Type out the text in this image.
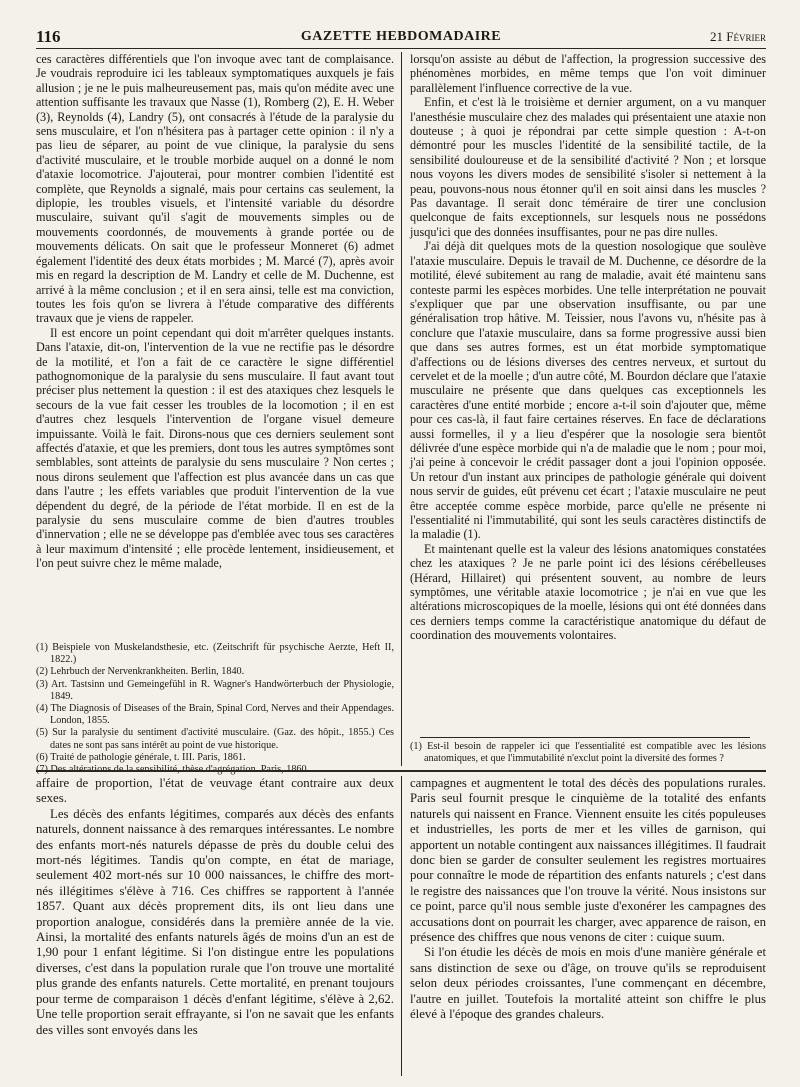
116	GAZETTE HEBDOMADAIRE	21 Février

ces caractères différentiels que l'on invoque avec tant de complaisance. Je voudrais reproduire ici les tableaux symptomatiques auxquels je fais allusion ; je ne le puis malheureusement pas, mais qu'on médite avec une attention suffisante les travaux que Nasse (1), Romberg (2), E. H. Weber (3), Reynolds (4), Landry (5), ont consacrés à l'étude de la paralysie du sens musculaire, et l'on n'hésitera pas à partager cette opinion : il n'y a pas lieu de séparer, au point de vue clinique, la paralysie du sens d'activité musculaire, et le trouble morbide auquel on a donné le nom d'ataxie locomotrice. J'ajouterai, pour montrer combien l'identité est complète, que Reynolds a signalé, mais pour certains cas seulement, la diplopie, les troubles visuels, et l'intensité variable du désordre musculaire, suivant qu'il s'agit de mouvements simples ou de mouvements coordonnés, de mouvements à grande portée ou de mouvements délicats. On sait que le professeur Monneret (6) admet également l'identité des deux états morbides ; M. Marcé (7), après avoir mis en regard la description de M. Landry et celle de M. Duchenne, est arrivé à la même conclusion ; et il en sera ainsi, telle est ma conviction, toutes les fois qu'on se livrera à l'étude comparative des différents travaux que je viens de rappeler.

Il est encore un point cependant qui doit m'arrêter quelques instants. Dans l'ataxie, dit-on, l'intervention de la vue ne rectifie pas le désordre de la motilité, et l'on a fait de ce caractère le signe différentiel pathognomonique de la paralysie du sens musculaire. Il faut avant tout préciser plus nettement la question : il est des ataxiques chez lesquels le secours de la vue fait cesser les troubles de la locomotion ; il en est d'autres chez lesquels l'intervention de l'organe visuel demeure impuissante. Voilà le fait. Dirons-nous que ces derniers seulement sont affectés d'ataxie, et que les premiers, dont tous les autres symptômes sont semblables, sont atteints de paralysie du sens musculaire ? Non certes ; nous dirons seulement que l'affection est plus avancée dans un cas que dans l'autre ; les effets variables que produit l'intervention de la vue dépendent du degré, de la période de l'état morbide. Il en est de la paralysie du sens musculaire comme de bien d'autres troubles d'innervation ; elle ne se développe pas d'emblée avec tous ses caractères à leur maximum d'intensité ; elle procède lentement, insidieusement, et l'on peut suivre chez le même malade,

(1) Beispiele von Muskelandsthesie, etc. (Zeitschrift für psychische Aerzte, Heft II, 1822.)
(2) Lehrbuch der Nervenkrankheiten. Berlin, 1840.
(3) Art. Tastsinn und Gemeingefühl in R. Wagner's Handwörterbuch der Physiologie, 1849.
(4) The Diagnosis of Diseases of the Brain, Spinal Cord, Nerves and their Appendages. London, 1855.
(5) Sur la paralysie du sentiment d'activité musculaire. (Gaz. des hôpit., 1855.) Ces dates ne sont pas sans intérêt au point de vue historique.
(6) Traité de pathologie générale, t. III. Paris, 1861.

lorsqu'on assiste au début de l'affection, la progression successive des phénomènes morbides, en même temps que l'on voit diminuer parallèlement l'influence corrective de la vue.

Enfin, et c'est là le troisième et dernier argument, on a vu manquer l'anesthésie musculaire chez des malades qui présentaient une ataxie non douteuse ; à quoi je répondrai par cette simple question : A-t-on démontré pour les muscles l'identité de la sensibilité tactile, de la sensibilité douloureuse et de la sensibilité d'activité ? Non ; et lorsque nous voyons les divers modes de sensibilité s'isoler si nettement à la peau, pouvons-nous nous étonner qu'il en soit ainsi dans les muscles ? Pas davantage. Il serait donc téméraire de tirer une conclusion quelconque de faits exceptionnels, sur lesquels nous ne possédons jusqu'ici que des données insuffisantes, pour ne pas dire nulles.

J'ai déjà dit quelques mots de la question nosologique que soulève l'ataxie musculaire. Depuis le travail de M. Duchenne, ce désordre de la motilité, élevé subitement au rang de maladie, avait été maintenu sans conteste parmi les espèces morbides. Une telle interprétation ne pouvait s'expliquer que par une observation insuffisante, ou par une généralisation trop hâtive. M. Teissier, nous l'avons vu, n'hésite pas à conclure que l'ataxie musculaire, dans sa forme progressive aussi bien que dans ses autres formes, est un état morbide symptomatique d'affections ou de lésions diverses des centres nerveux, et surtout du cervelet et de la moelle ; d'un autre côté, M. Bourdon déclare que l'ataxie musculaire ne présente que dans quelques cas exceptionnels les caractères d'une entité morbide ; encore a-t-il soin d'ajouter que, même pour ces cas-là, il faut faire certaines réserves. En face de déclarations aussi formelles, il y a lieu d'espérer que la nosologie sera bientôt délivrée d'une espèce morbide qui n'a de maladie que le nom ; pour moi, j'ai peine à concevoir le crédit passager dont a joui l'opinion opposée. Un retour d'un instant aux principes de pathologie générale qui doivent nous servir de guides, eût prévenu cet écart ; l'ataxie musculaire ne peut être acceptée comme espèce morbide, parce qu'elle ne présente ni l'essentialité ni l'immutabilité, qui sont les seuls caractères distinctifs de la maladie (1).

Et maintenant quelle est la valeur des lésions anatomiques constatées chez les ataxiques ? Je ne parle point ici des lésions cérébelleuses (Hérard, Hillairet) qui présentent souvent, au nombre de leurs symptômes, une véritable ataxie locomotrice ; je n'ai en vue que les altérations microscopiques de la moelle, lésions qui ont été données dans ces derniers temps comme la caractéristique anatomique du défaut de coordination des mouvements volontaires.

(1) Est-il besoin de rappeler ici que l'essentialité est compatible avec les lésions anatomiques, et que l'immutabilité n'exclut point la diversité des formes ?

affaire de proportion, l'état de veuvage étant contraire aux deux sexes.

Les décès des enfants légitimes, comparés aux décès des enfants naturels, donnent naissance à des remarques intéressantes. Le nombre des enfants mort-nés naturels dépasse de près du double celui des mort-nés légitimes. Tandis qu'on compte, en état de mariage, seulement 402 mort-nés sur 10 000 naissances, le chiffre des mort-nés illégitimes s'élève à 716. Ces chiffres se rapportent à l'année 1857. Quant aux décès proprement dits, ils ont lieu dans une proportion analogue, considérés dans la première année de la vie. Ainsi, la mortalité des enfants naturels âgés de moins d'un an est de 1,90 pour 1 enfant légitime. Si l'on distingue entre les populations diverses, c'est dans la population rurale que l'on trouve une mortalité plus grande des enfants naturels. Cette mortalité, en prenant toujours pour terme de comparaison 1 décès d'enfant légitime, s'élève à 2,62. Une telle proportion serait effrayante, si l'on ne savait que les enfants des villes sont envoyés dans les

campagnes et augmentent le total des décès des populations rurales. Paris seul fournit presque le cinquième de la totalité des enfants naturels qui naissent en France. Viennent ensuite les cités populeuses et industrielles, les ports de mer et les villes de garnison, qui apportent un notable contingent aux naissances illégitimes. Il faudrait donc bien se garder de consulter seulement les registres mortuaires pour connaître le mode de répartition des enfants naturels ; c'est dans le registre des naissances que l'on trouve la vérité. Nous insistons sur ce point, parce qu'il nous semble juste d'exonérer les campagnes des accusations dont on pourrait les charger, avec apparence de raison, en présence des chiffres que nous venons de citer : cuique suum.

Si l'on étudie les décès de mois en mois d'une manière générale et sans distinction de sexe ou d'âge, on trouve qu'ils se reproduisent selon deux périodes croissantes, l'une commençant en décembre, l'autre en juillet. Toutefois la mortalité atteint son chiffre le plus élevé à l'époque des grandes chaleurs.
